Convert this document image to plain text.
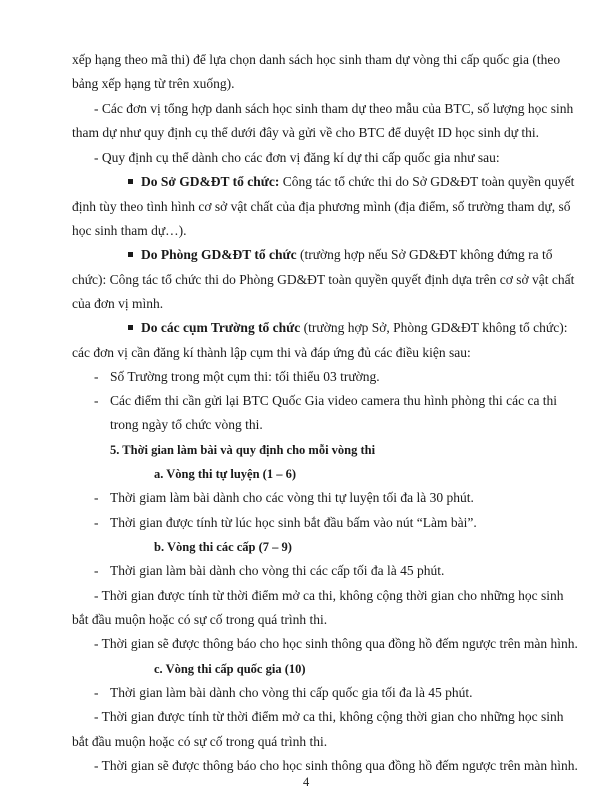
xếp hạng theo mã thi) để lựa chọn danh sách học sinh tham dự vòng thi cấp quốc gia (theo
bảng xếp hạng từ trên xuống).
- Các đơn vị tổng hợp danh sách học sinh tham dự theo mẫu của BTC, số lượng học sinh
tham dự như quy định cụ thể dưới đây và gửi về cho BTC để duyệt ID học sinh dự thi.
- Quy định cụ thể dành cho các đơn vị đăng kí dự thi cấp quốc gia như sau:
Do Sở GD&ĐT tổ chức: Công tác tổ chức thi do Sở GD&ĐT toàn quyền quyết
định tùy theo tình hình cơ sở vật chất của địa phương mình (địa điểm, số trường tham dự, số
học sinh tham dự…).
Do Phòng GD&ĐT tổ chức (trường hợp nếu Sở GD&ĐT không đứng ra tổ
chức): Công tác tổ chức thi do Phòng GD&ĐT toàn quyền quyết định dựa trên cơ sở vật chất
của đơn vị mình.
Do các cụm Trường tổ chức (trường hợp Sở, Phòng GD&ĐT không tổ chức):
các đơn vị cần đăng kí thành lập cụm thi và đáp ứng đủ các điều kiện sau:
- Số Trường trong một cụm thi: tối thiểu 03 trường.
- Các điểm thi cần gửi lại BTC Quốc Gia video camera thu hình phòng thi các ca thi
trong ngày tổ chức vòng thi.
5. Thời gian làm bài và quy định cho mỗi vòng thi
a. Vòng thi tự luyện (1 – 6)
- Thời giam làm bài dành cho các vòng thi tự luyện tối đa là 30 phút.
- Thời gian được tính từ lúc học sinh bắt đầu bấm vào nút “Làm bài”.
b. Vòng thi các cấp (7 – 9)
- Thời gian làm bài dành cho vòng thi các cấp tối đa là 45 phút.
- Thời gian được tính từ thời điểm mở ca thi, không cộng thời gian cho những học sinh
bắt đầu muộn hoặc có sự cố trong quá trình thi.
- Thời gian sẽ được thông báo cho học sinh thông qua đồng hồ đếm ngược trên màn hình.
c. Vòng thi cấp quốc gia (10)
- Thời gian làm bài dành cho vòng thi cấp quốc gia tối đa là 45 phút.
- Thời gian được tính từ thời điểm mở ca thi, không cộng thời gian cho những học sinh
bắt đầu muộn hoặc có sự cố trong quá trình thi.
- Thời gian sẽ được thông báo cho học sinh thông qua đồng hồ đếm ngược trên màn hình.
4
